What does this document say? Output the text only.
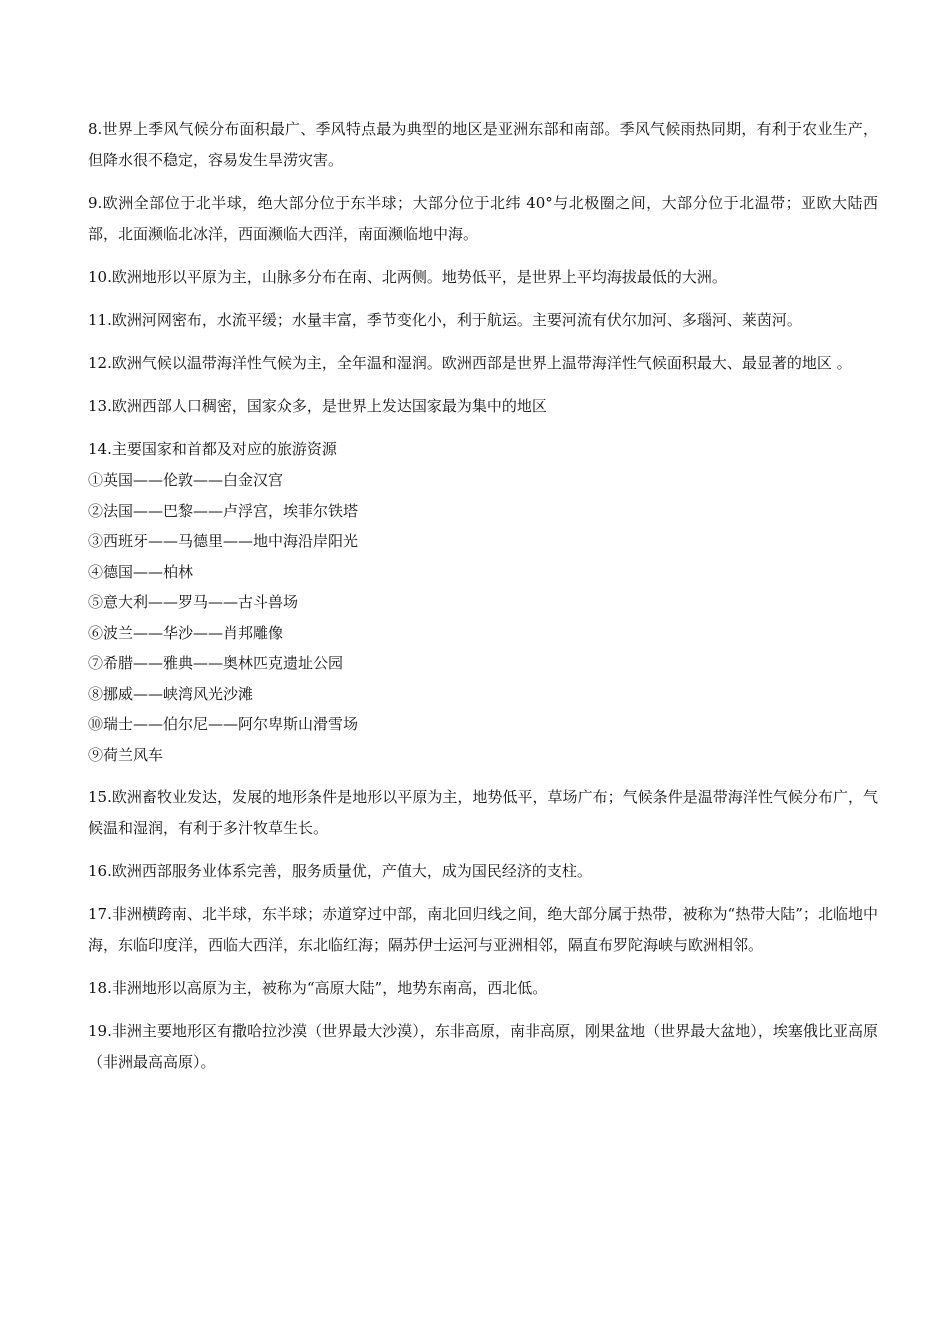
8.世界上季风气候分布面积最广、季风特点最为典型的地区是亚洲东部和南部。季风气候雨热同期，有利于农业生产，但降水很不稳定，容易发生旱涝灾害。

9.欧洲全部位于北半球，绝大部分位于东半球；大部分位于北纬 40°与北极圈之间，大部分位于北温带；亚欧大陆西部，北面濒临北冰洋，西面濒临大西洋，南面濒临地中海。

10.欧洲地形以平原为主，山脉多分布在南、北两侧。地势低平，是世界上平均海拔最低的大洲。

11.欧洲河网密布，水流平缓；水量丰富，季节变化小，利于航运。主要河流有伏尔加河、多瑙河、莱茵河。

12.欧洲气候以温带海洋性气候为主，全年温和湿润。欧洲西部是世界上温带海洋性气候面积最大、最显著的地区 。

13.欧洲西部人口稠密，国家众多，是世界上发达国家最为集中的地区

14.主要国家和首都及对应的旅游资源

①英国——伦敦——白金汉宫
②法国——巴黎——卢浮宫，埃菲尔铁塔
③西班牙——马德里——地中海沿岸阳光
④德国——柏林
⑤意大利——罗马——古斗兽场
⑥波兰——华沙——肖邦雕像
⑦希腊——雅典——奥林匹克遗址公园
⑧挪威——峡湾风光沙滩
⑩瑞士——伯尔尼——阿尔卑斯山滑雪场
⑨荷兰风车

15.欧洲畜牧业发达，发展的地形条件是地形以平原为主，地势低平，草场广布；气候条件是温带海洋性气候分布广，气候温和湿润，有利于多汁牧草生长。

16.欧洲西部服务业体系完善，服务质量优，产值大，成为国民经济的支柱。

17.非洲横跨南、北半球，东半球；赤道穿过中部，南北回归线之间，绝大部分属于热带，被称为“热带大陆”；北临地中海，东临印度洋，西临大西洋，东北临红海；隔苏伊士运河与亚洲相邻，隔直布罗陀海峡与欧洲相邻。

18.非洲地形以高原为主，被称为“高原大陆”，地势东南高，西北低。

19.非洲主要地形区有撒哈拉沙漠（世界最大沙漠），东非高原，南非高原，刚果盆地（世界最大盆地），埃塞俄比亚高原（非洲最高高原）。
